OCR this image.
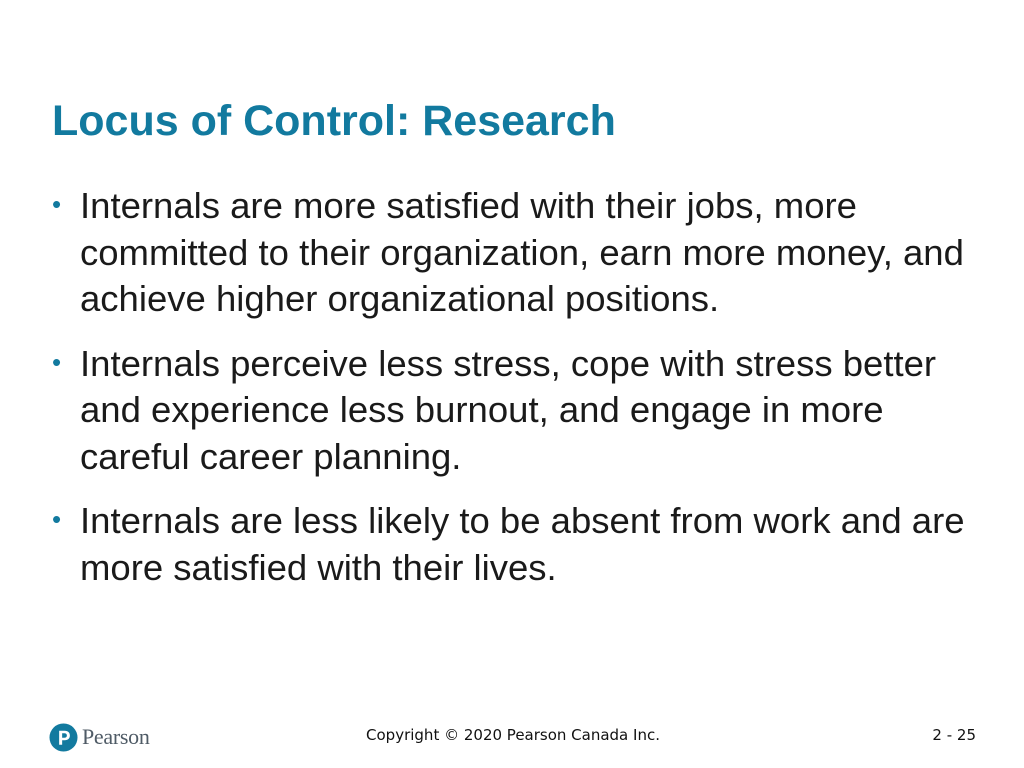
Locus of Control: Research
• Internals are more satisfied with their jobs, more committed to their organization, earn more money, and achieve higher organizational positions.
• Internals perceive less stress, cope with stress better and experience less burnout, and engage in more careful career planning.
• Internals are less likely to be absent from work and are more satisfied with their lives.
Pearson	Copyright © 2020 Pearson Canada Inc.	2 - 25
